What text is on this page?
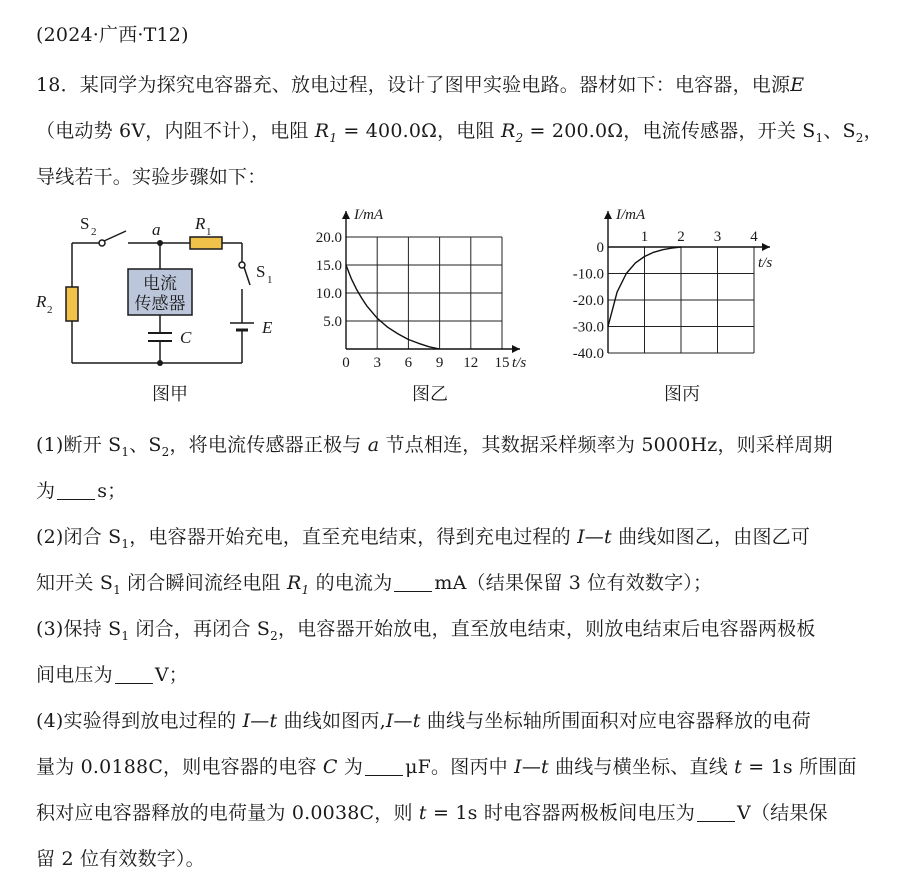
(2024·广西·T12)
18．某同学为探究电容器充、放电过程，设计了图甲实验电路。器材如下：电容器，电源E
（电动势 6V，内阻不计），电阻 $R_1 = 400.0\Omega$，电阻 $R_2 = 200.0\Omega$，电流传感器，开关 $S_1$、$S_2$，
导线若干。实验步骤如下：
电流
传感器
S 2	a R 1
S 1
R 2
C
E	5.0
10.0
15.0
20.0
0 3 6 9 12 15
I/mA
t/s
0
-10.0
-20.0
-30.0
-40.0
1 2 3 4
I/mA
t/s
图甲	图乙	图丙
(1)断开 $S_1$、$S_2$，将电流传感器正极与 a 节点相连，其数据采样频率为 5000Hz，则采样周期
为 s；
(2)闭合 $S_1$，电容器开始充电，直至充电结束，得到充电过程的 I—t 曲线如图乙，由图乙可
知开关 $S_1$ 闭合瞬间流经电阻 $R_1$ 的电流为 mA（结果保留 3 位有效数字）；
(3)保持 $S_1$ 闭合，再闭合 $S_2$，电容器开始放电，直至放电结束，则放电结束后电容器两极板
间电压为 V；
(4)实验得到放电过程的 I—t 曲线如图丙,I—t 曲线与坐标轴所围面积对应电容器释放的电荷
量为 0.0188C，则电容器的电容 C 为 μF。图丙中 I—t 曲线与横坐标、直线 t = 1s 所围面
积对应电容器释放的电荷量为 0.0038C，则 t = 1s 时电容器两极板间电压为 V（结果保
留 2 位有效数字）。
